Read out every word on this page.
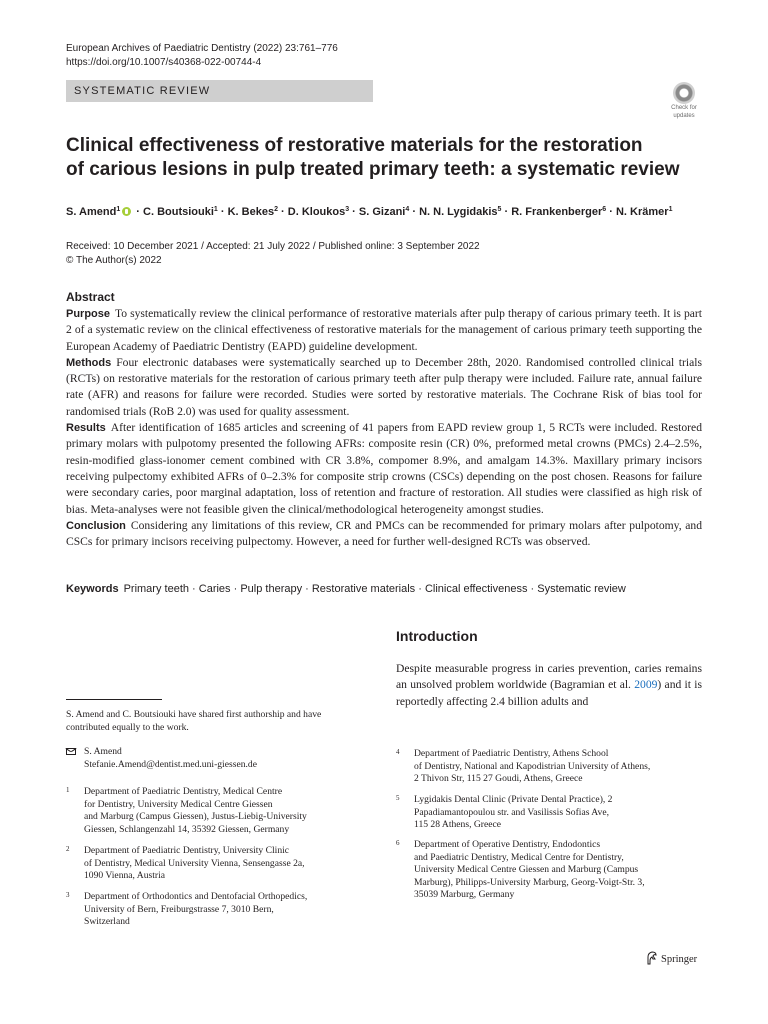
European Archives of Paediatric Dentistry (2022) 23:761–776
https://doi.org/10.1007/s40368-022-00744-4
SYSTEMATIC REVIEW
Check for
updates
Clinical effectiveness of restorative materials for the restoration
of carious lesions in pulp treated primary teeth: a systematic review
S. Amend$^1$ · C. Boutsiouki$^1$ · K. Bekes$^2$ · D. Kloukos$^3$ · S. Gizani$^4$ · N. N. Lygidakis$^5$ · R. Frankenberger$^6$ · N. Krämer$^1$
Received: 10 December 2021 / Accepted: 21 July 2022 / Published online: 3 September 2022
© The Author(s) 2022
Abstract

Purpose To systematically review the clinical performance of restorative materials after pulp therapy of carious primary teeth. It is part 2 of a systematic review on the clinical effectiveness of restorative materials for the management of carious primary teeth supporting the European Academy of Paediatric Dentistry (EAPD) guideline development.

Methods Four electronic databases were systematically searched up to December 28th, 2020. Randomised controlled clinical trials (RCTs) on restorative materials for the restoration of carious primary teeth after pulp therapy were included. Failure rate, annual failure rate (AFR) and reasons for failure were recorded. Studies were sorted by restorative materials. The Cochrane Risk of bias tool for randomised trials (RoB 2.0) was used for quality assessment.

Results After identification of 1685 articles and screening of 41 papers from EAPD review group 1, 5 RCTs were included. Restored primary molars with pulpotomy presented the following AFRs: composite resin (CR) 0%, preformed metal crowns (PMCs) 2.4–2.5%, resin-modified glass-ionomer cement combined with CR 3.8%, compomer 8.9%, and amalgam 14.3%. Maxillary primary incisors receiving pulpectomy exhibited AFRs of 0–2.3% for composite strip crowns (CSCs) depending on the post chosen. Reasons for failure were secondary caries, poor marginal adaptation, loss of retention and fracture of restoration. All studies were classified as high risk of bias. Meta-analyses were not feasible given the clinical/methodological heterogeneity amongst studies.

Conclusion Considering any limitations of this review, CR and PMCs can be recommended for primary molars after pulpotomy, and CSCs for primary incisors receiving pulpectomy. However, a need for further well-designed RCTs was observed.

Keywords Primary teeth · Caries · Pulp therapy · Restorative materials · Clinical effectiveness · Systematic review
Introduction
Despite measurable progress in caries prevention, caries remains an unsolved problem worldwide (Bagramian et al. 2009) and it is reportedly affecting 2.4 billion adults and
S. Amend and C. Boutsiouki have shared first authorship and have contributed equally to the work.
S. Amend
Stefanie.Amend@dentist.med.uni-giessen.de
1 Department of Paediatric Dentistry, Medical Centre
for Dentistry, University Medical Centre Giessen
and Marburg (Campus Giessen), Justus-Liebig-University
Giessen, Schlangenzahl 14, 35392 Giessen, Germany
2 Department of Paediatric Dentistry, University Clinic
of Dentistry, Medical University Vienna, Sensengasse 2a,
1090 Vienna, Austria
3 Department of Orthodontics and Dentofacial Orthopedics,
University of Bern, Freiburgstrasse 7, 3010 Bern,
Switzerland
4 Department of Paediatric Dentistry, Athens School
of Dentistry, National and Kapodistrian University of Athens,
2 Thivon Str, 115 27 Goudi, Athens, Greece
5 Lygidakis Dental Clinic (Private Dental Practice), 2
Papadiamantopoulou str. and Vasilissis Sofias Ave,
115 28 Athens, Greece
6 Department of Operative Dentistry, Endodontics
and Paediatric Dentistry, Medical Centre for Dentistry,
University Medical Centre Giessen and Marburg (Campus
Marburg), Philipps-University Marburg, Georg-Voigt-Str. 3,
35039 Marburg, Germany
Springer
